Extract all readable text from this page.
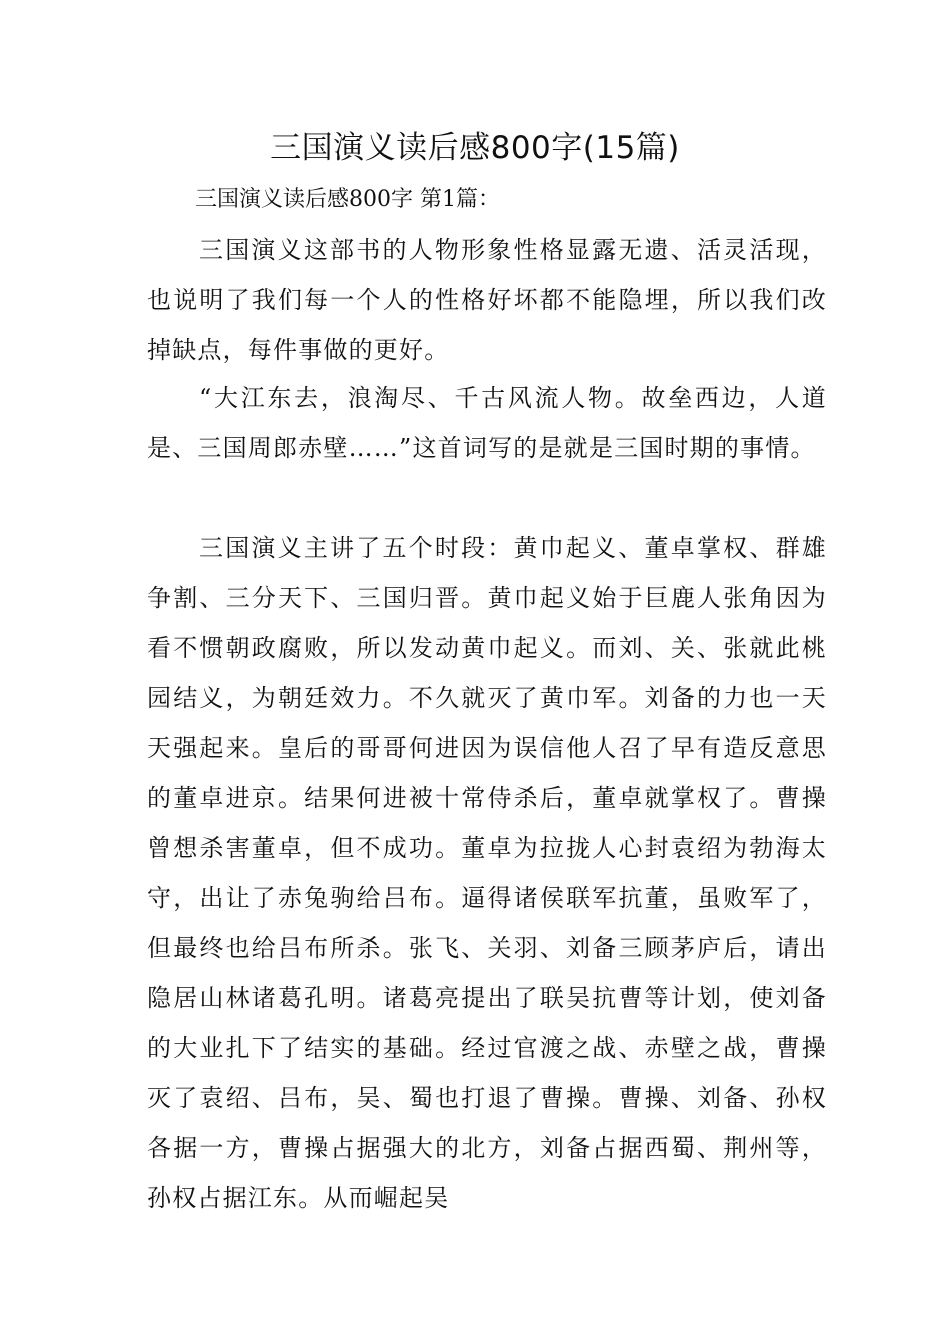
三国演义读后感800字(15篇)

三国演义读后感800字 第1篇：

三国演义这部书的人物形象性格显露无遗、活灵活现，也说明了我们每一个人的性格好坏都不能隐埋，所以我们改掉缺点，每件事做的更好。

“大江东去，浪淘尽、千古风流人物。故垒西边，人道是、三国周郎赤壁……”这首词写的是就是三国时期的事情。

三国演义主讲了五个时段：黄巾起义、董卓掌权、群雄争割、三分天下、三国归晋。黄巾起义始于巨鹿人张角因为看不惯朝政腐败，所以发动黄巾起义。而刘、关、张就此桃园结义，为朝廷效力。不久就灭了黄巾军。刘备的力也一天天强起来。皇后的哥哥何进因为误信他人召了早有造反意思的董卓进京。结果何进被十常侍杀后，董卓就掌权了。曹操曾想杀害董卓，但不成功。董卓为拉拢人心封袁绍为勃海太守，出让了赤兔驹给吕布。逼得诸侯联军抗董，虽败军了，但最终也给吕布所杀。张飞、关羽、刘备三顾茅庐后，请出隐居山林诸葛孔明。诸葛亮提出了联吴抗曹等计划，使刘备的大业扎下了结实的基础。经过官渡之战、赤壁之战，曹操灭了袁绍、吕布，吴、蜀也打退了曹操。曹操、刘备、孙权各据一方，曹操占据强大的北方，刘备占据西蜀、荆州等，孙权占据江东。从而崛起吴
